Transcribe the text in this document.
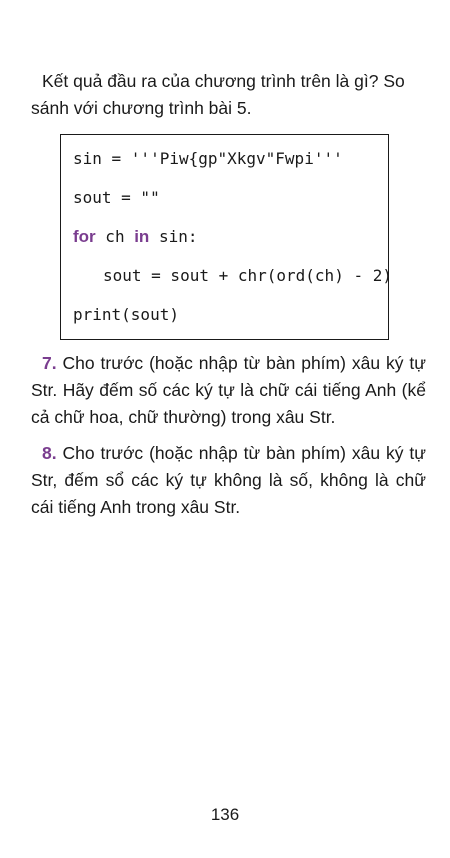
Kết quả đầu ra của chương trình trên là gì? So sánh với chương trình bài 5.

sin = '''Piw{gp"Xkgv"Fwpi'''
sout = ""
for ch in sin:
sout = sout + chr(ord(ch) - 2)
print(sout)

7. Cho trước (hoặc nhập từ bàn phím) xâu ký tự Str. Hãy đếm số các ký tự là chữ cái tiếng Anh (kể cả chữ hoa, chữ thường) trong xâu Str.

8. Cho trước (hoặc nhập từ bàn phím) xâu ký tự Str, đếm sổ các ký tự không là số, không là chữ cái tiếng Anh trong xâu Str.

136
